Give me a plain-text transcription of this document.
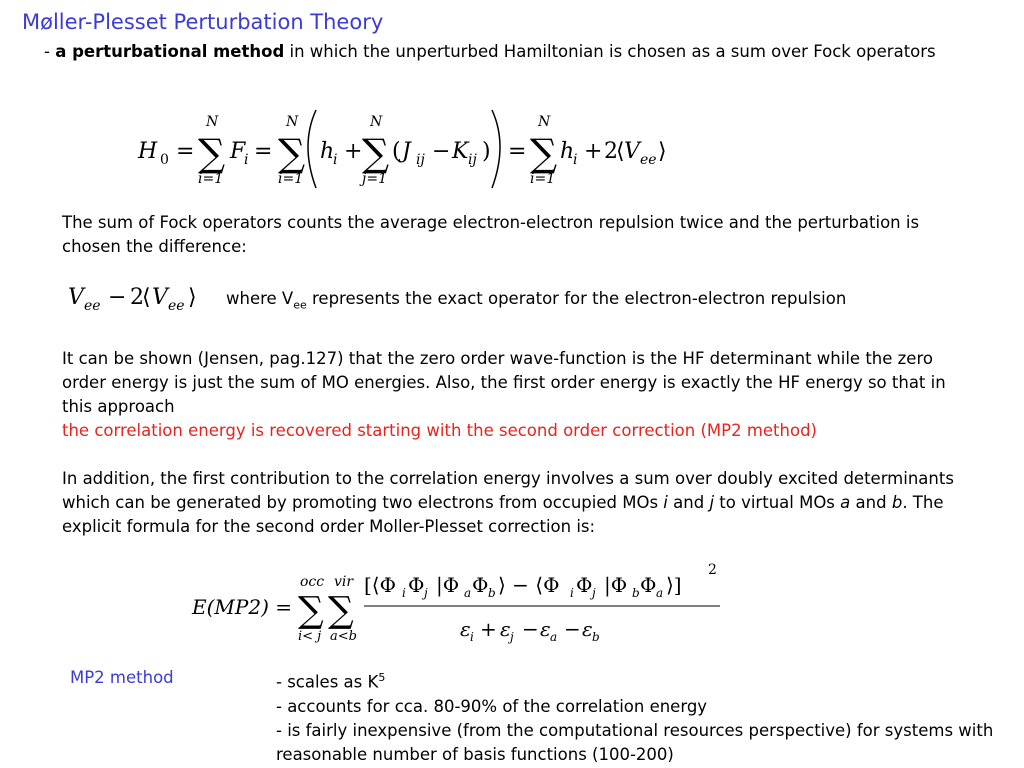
Møller-Plesset Perturbation Theory
- a perturbational method in which the unperturbed Hamiltonian is chosen as a sum over Fock operators
H 0 =
N
∑
i=1
F
i =
N
∑
i=1
h
i +
N
∑
j=1
( J ij − K ij ) =
N
∑
i=1
h
i + 2
⟨ V ee ⟩
The sum of Fock operators counts the average electron-electron repulsion twice and the perturbation is chosen the difference:
V ee − 2
⟨ V ee ⟩ where $V_{ee}$ represents the exact operator for the electron-electron repulsion
It can be shown (Jensen, pag.127) that the zero order wave-function is the HF determinant while the zero order energy is just the sum of MO energies. Also, the first order energy is exactly the HF energy so that in this approach
the correlation energy is recovered starting with the second order correction (MP2 method)
In addition, the first contribution to the correlation energy involves a sum over doubly excited determinants which can be generated by promoting two electrons from occupied MOs i and j to virtual MOs a and b. The explicit formula for the second order Moller-Plesset correction is:
E(MP2) =
occ vir
∑ ∑
i< j a<b
[⟨Φ i Φ j |Φ a Φ b ⟩ − ⟨Φ i Φ j |Φ b Φ a ⟩]
2
ε i + ε j − ε a − ε b
MP2 method	- scales as $K^5$
- accounts for cca. 80-90% of the correlation energy
- is fairly inexpensive (from the computational resources perspective) for systems with reasonable number of basis functions (100-200)
